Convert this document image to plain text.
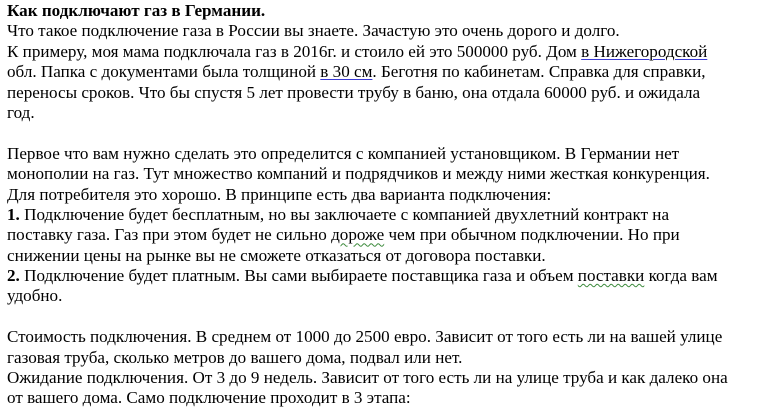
Как подключают газ в Германии.
Что такое подключение газа в России вы знаете. Зачастую это очень дорого и долго.
К примеру, моя мама подключала газ в 2016г. и стоило ей это 500000 руб. Дом в Нижегородской
обл. Папка с документами была толщиной в 30 см. Беготня по кабинетам. Справка для справки,
переносы сроков. Что бы спустя 5 лет провести трубу в баню, она отдала 60000 руб. и ожидала
год.
Первое что вам нужно сделать это определится с компанией установщиком. В Германии нет
монополии на газ. Тут множество компаний и подрядчиков и между ними жесткая конкуренция.
Для потребителя это хорошо. В принципе есть два варианта подключения:
1. Подключение будет бесплатным, но вы заключаете с компанией двухлетний контракт на
поставку газа. Газ при этом будет не сильно дороже чем при обычном подключении. Но при
снижении цены на рынке вы не сможете отказаться от договора поставки.
2. Подключение будет платным. Вы сами выбираете поставщика газа и объем поставки когда вам
удобно.
Стоимость подключения. В среднем от 1000 до 2500 евро. Зависит от того есть ли на вашей улице
газовая труба, сколько метров до вашего дома, подвал или нет.
Ожидание подключения. От 3 до 9 недель. Зависит от того есть ли на улице труба и как далеко она
от вашего дома. Само подключение проходит в 3 этапа:
